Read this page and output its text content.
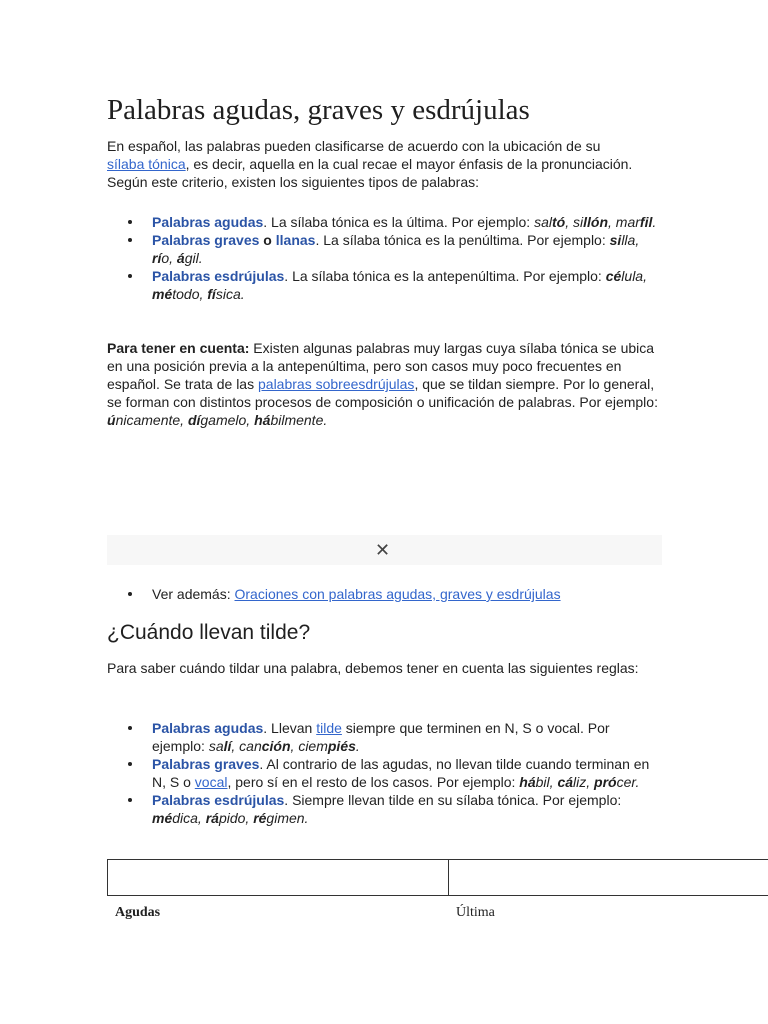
Palabras agudas, graves y esdrújulas

En español, las palabras pueden clasificarse de acuerdo con la ubicación de su sílaba tónica, es decir, aquella en la cual recae el mayor énfasis de la pronunciación. Según este criterio, existen los siguientes tipos de palabras:

Palabras agudas. La sílaba tónica es la última. Por ejemplo: saltó, sillón, marfil.
Palabras graves o llanas. La sílaba tónica es la penúltima. Por ejemplo: silla, río, ágil.
Palabras esdrújulas. La sílaba tónica es la antepenúltima. Por ejemplo: célula, método, física.

Para tener en cuenta: Existen algunas palabras muy largas cuya sílaba tónica se ubica en una posición previa a la antepenúltima, pero son casos muy poco frecuentes en español. Se trata de las palabras sobreesdrújulas, que se tildan siempre. Por lo general, se forman con distintos procesos de composición o unificación de palabras. Por ejemplo: únicamente, dígamelo, hábilmente.

✕
Ver además: Oraciones con palabras agudas, graves y esdrújulas
¿Cuándo llevan tilde?

Para saber cuándo tildar una palabra, debemos tener en cuenta las siguientes reglas:

Palabras agudas. Llevan tilde siempre que terminen en N, S o vocal. Por ejemplo: salí, canción, ciempiés.
Palabras graves. Al contrario de las agudas, no llevan tilde cuando terminan en N, S o vocal, pero sí en el resto de los casos. Por ejemplo: hábil, cáliz, prócer.
Palabras esdrújulas. Siempre llevan tilde en su sílaba tónica. Por ejemplo: médica, rápido, régimen.
Agudas	Última
